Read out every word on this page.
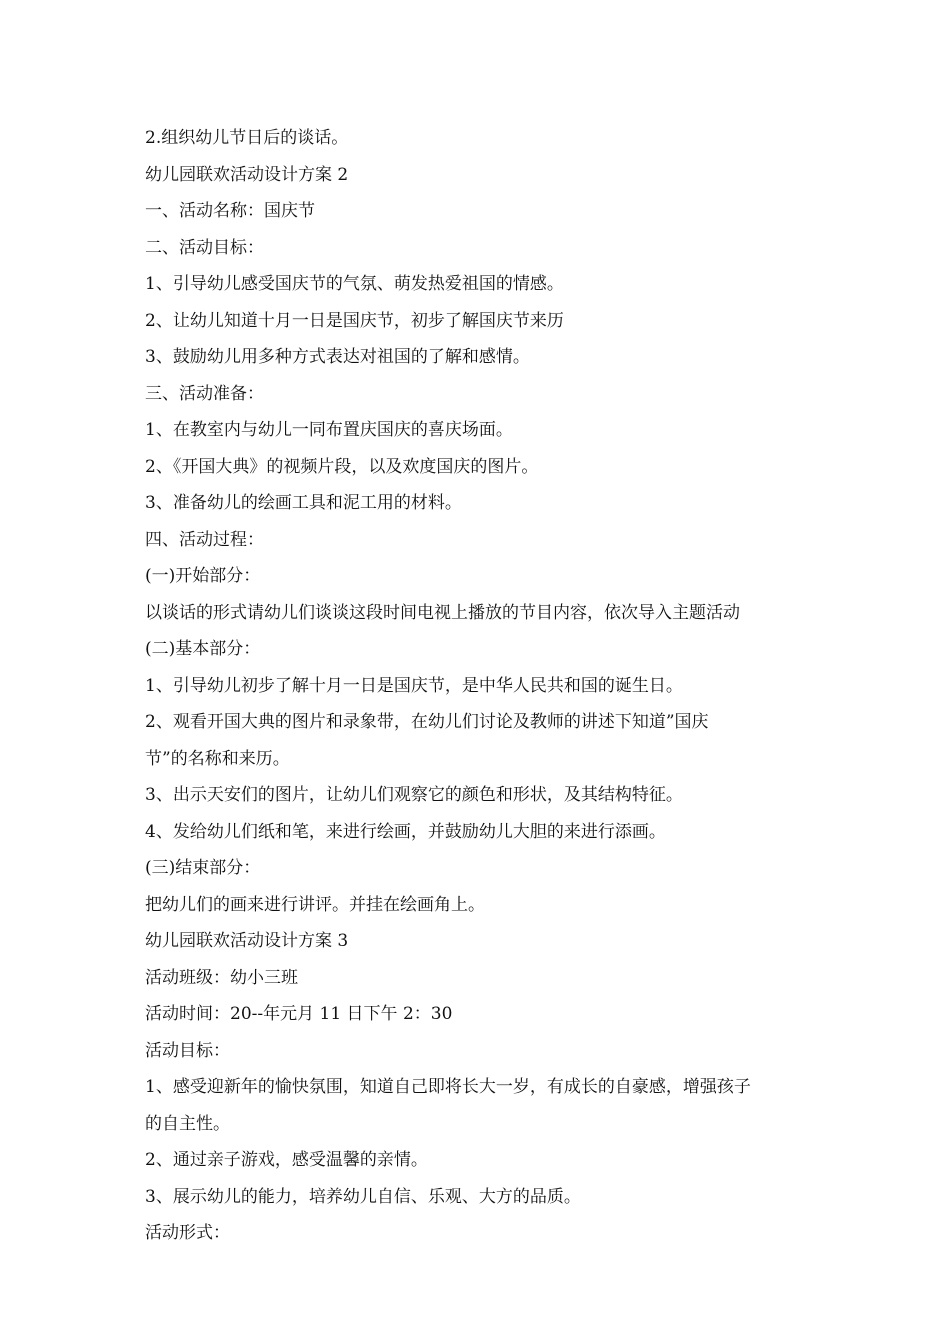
2.组织幼儿节日后的谈话。

幼儿园联欢活动设计方案 2

一、活动名称：国庆节

二、活动目标：

1、引导幼儿感受国庆节的气氛、萌发热爱祖国的情感。

2、让幼儿知道十月一日是国庆节，初步了解国庆节来历

3、鼓励幼儿用多种方式表达对祖国的了解和感情。

三、活动准备：

1、在教室内与幼儿一同布置庆国庆的喜庆场面。

2、《开国大典》的视频片段，以及欢度国庆的图片。

3、准备幼儿的绘画工具和泥工用的材料。

四、活动过程：

(一)开始部分：

以谈话的形式请幼儿们谈谈这段时间电视上播放的节目内容，依次导入主题活动

(二)基本部分：

1、引导幼儿初步了解十月一日是国庆节，是中华人民共和国的诞生日。

2、观看开国大典的图片和录象带，在幼儿们讨论及教师的讲述下知道”国庆

节”的名称和来历。

3、出示天安们的图片，让幼儿们观察它的颜色和形状，及其结构特征。

4、发给幼儿们纸和笔，来进行绘画，并鼓励幼儿大胆的来进行添画。

(三)结束部分：

把幼儿们的画来进行讲评。并挂在绘画角上。

幼儿园联欢活动设计方案 3

活动班级：幼小三班

活动时间：20--年元月 11 日下午 2：30

活动目标：

1、感受迎新年的愉快氛围，知道自己即将长大一岁，有成长的自豪感，增强孩子

的自主性。

2、通过亲子游戏，感受温馨的亲情。

3、展示幼儿的能力，培养幼儿自信、乐观、大方的品质。

活动形式：
